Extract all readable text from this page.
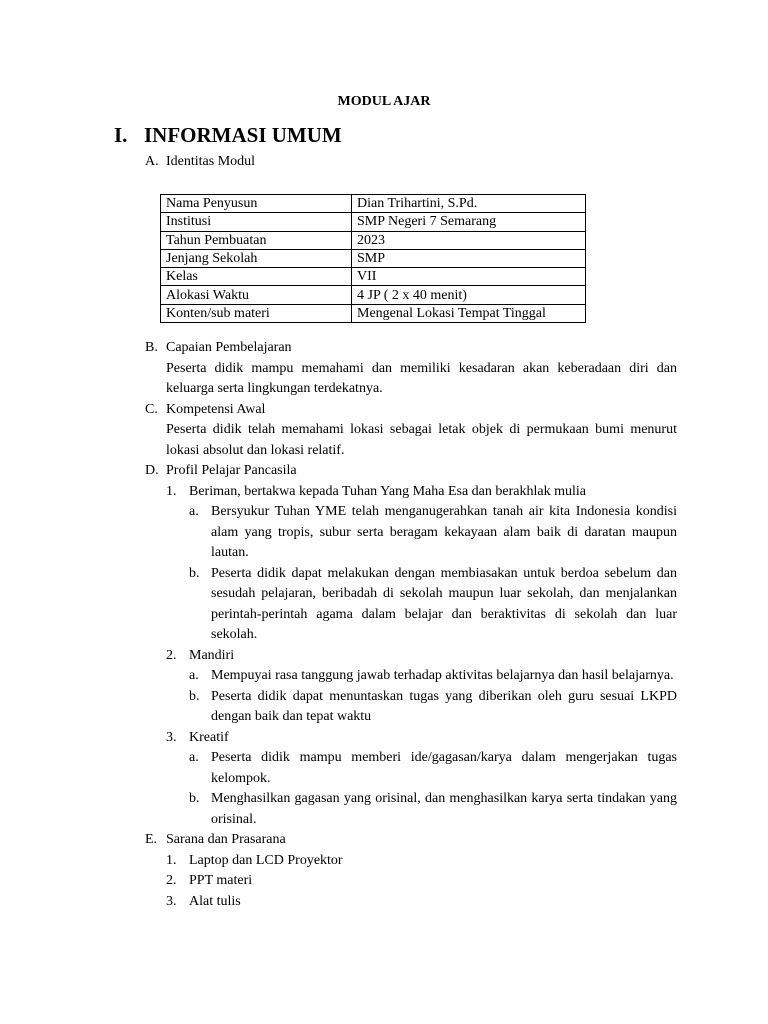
MODUL AJAR
I. INFORMASI UMUM

A. Identitas Modul

Nama Penyusun	Dian Trihartini, S.Pd.
Institusi	SMP Negeri 7 Semarang
Tahun Pembuatan	2023
Jenjang Sekolah	SMP
Kelas	VII
Alokasi Waktu	4 JP ( 2 x 40 menit)
Konten/sub materi	Mengenal Lokasi Tempat Tinggal
B. Capaian Pembelajaran

Peserta didik mampu memahami dan memiliki kesadaran akan keberadaan diri dan keluarga serta lingkungan terdekatnya.

C. Kompetensi Awal

Peserta didik telah memahami lokasi sebagai letak objek di permukaan bumi menurut lokasi absolut dan lokasi relatif.

D. Profil Pelajar Pancasila
1. Beriman, bertakwa kepada Tuhan Yang Maha Esa dan berakhlak mulia
a. Bersyukur Tuhan YME telah menganugerahkan tanah air kita Indonesia kondisi alam yang tropis, subur serta beragam kekayaan alam baik di daratan maupun lautan.
b. Peserta didik dapat melakukan dengan membiasakan untuk berdoa sebelum dan sesudah pelajaran, beribadah di sekolah maupun luar sekolah, dan menjalankan perintah-perintah agama dalam belajar dan beraktivitas di sekolah dan luar sekolah.
2. Mandiri
a. Mempuyai rasa tanggung jawab terhadap aktivitas belajarnya dan hasil belajarnya.
b. Peserta didik dapat menuntaskan tugas yang diberikan oleh guru sesuai LKPD dengan baik dan tepat waktu
3. Kreatif
a. Peserta didik mampu memberi ide/gagasan/karya dalam mengerjakan tugas kelompok.
b. Menghasilkan gagasan yang orisinal, dan menghasilkan karya serta tindakan yang orisinal.
E. Sarana dan Prasarana
1. Laptop dan LCD Proyektor
2. PPT materi
3. Alat tulis
